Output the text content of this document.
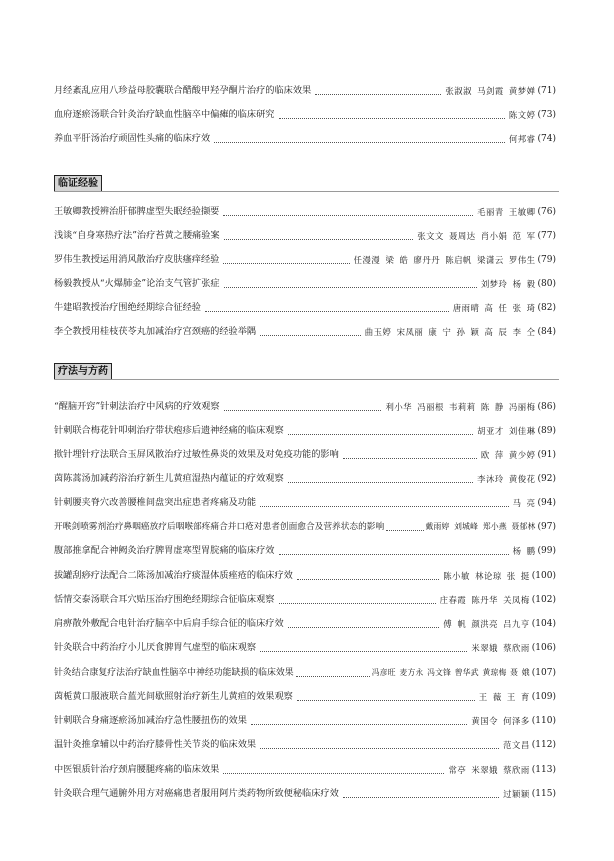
月经紊乱应用八珍益母胶囊联合醋酸甲羟孕酮片治疗的临床效果	张淑淑 马剑霞 黄梦婵 (71)
血府逐瘀汤联合针灸治疗缺血性脑卒中偏瘫的临床研究	陈文婷 (73)
养血平肝汤治疗顽固性头痛的临床疗效	何邦睿 (74)
临证经验
王敏卿教授辨治肝郁脾虚型失眠经验撷要	毛丽青 王敏卿 (76)
浅谈“自身寒热疗法”治疗苔黄之腰痛验案	张文文 聂周达 肖小娟 范 军 (77)
罗伟生教授运用消风散治疗皮肤瘙痒经验	任漫漫 梁 皓 廖丹丹 陈启帆 梁潇云 罗伟生 (79)
杨毅教授从“火爆肺金”论治支气管扩张症	刘梦玲 杨 毅 (80)
牛建昭教授治疗围绝经期综合征经验	唐雨晴 高 任 张 琦 (82)
李仝教授用桂枝茯苓丸加减治疗宫颈癌的经验举隅	曲玉婷 宋凤丽 康 宁 孙 颖 高 辰 李 仝 (84)
疗法与方药
“醒脑开窍”针刺法治疗中风病的疗效观察	利小华 冯丽根 韦莉莉 陈 静 冯丽梅 (86)
针刺联合梅花针叩刺治疗带状疱疹后遗神经痛的临床观察	胡亚才 刘佳琳 (89)
揿针埋针疗法联合玉屏风散治疗过敏性鼻炎的效果及对免疫功能的影响	欧 萍 黄少婷 (91)
茵陈蒿汤加减药浴治疗新生儿黄疸湿热内蕴证的疗效观察	李沐玲 黄俊花 (92)
针刺腰夹脊穴改善腰椎间盘突出症患者疼痛及功能	马 亮 (94)
开喉剑喷雾剂治疗鼻咽癌放疗后咽喉部疼痛合并口疮对患者创面愈合及营养状态的影响	戴雨婷 刘城峰 郑小燕 聂郁林 (97)
腹部推拿配合神阙灸治疗脾胃虚寒型胃脘痛的临床疗效	杨 鹏 (99)
拔罐刮痧疗法配合二陈汤加减治疗痰湿体质痤疮的临床疗效	陈小敏 林论琼 张 挺 (100)
恬情交泰汤联合耳穴贴压治疗围绝经期综合征临床观察	庄春霞 陈丹华 关凤梅 (102)
肩痹散外敷配合电针治疗脑卒中后肩手综合征的临床疗效	傅 帆 颜洪亮 吕九亨 (104)
针灸联合中药治疗小儿厌食脾胃气虚型的临床观察	米翠娥 蔡欣雨 (106)
针灸结合康复疗法治疗缺血性脑卒中神经功能缺损的临床效果	冯彦旺 麦方永 冯文锋 曾华武 黄琼梅 聂 娥 (107)
茵栀黄口服液联合蓝光间歇照射治疗新生儿黄疸的效果观察	王 薇 王 育 (109)
针刺联合身痛逐瘀汤加减治疗急性腰扭伤的效果	黄国令 何泽多 (110)
温针灸推拿辅以中药治疗膝骨性关节炎的临床效果	范文昌 (112)
中医银质针治疗颈肩腰腿疼痛的临床效果	常亭 米翠娥 蔡欣雨 (113)
针灸联合理气通腑外用方对癌痛患者服用阿片类药物所致便秘临床疗效	过颖颖 (115)
